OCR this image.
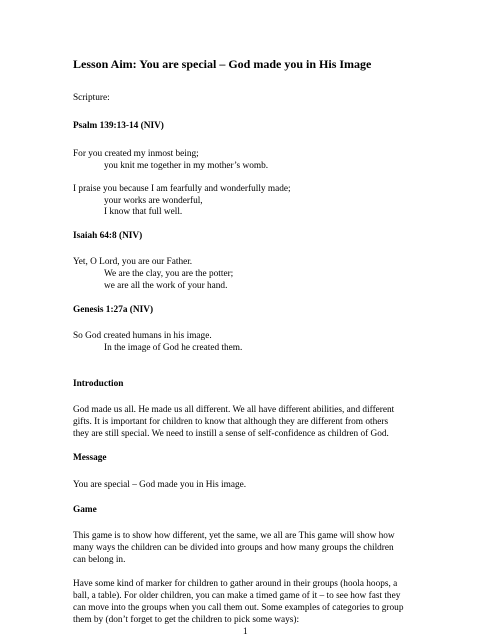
Lesson Aim: You are special – God made you in His Image

Scripture:

Psalm 139:13-14 (NIV)

For you created my inmost being;

you knit me together in my mother’s womb.

I praise you because I am fearfully and wonderfully made;

your works are wonderful,

I know that full well.

Isaiah 64:8 (NIV)

Yet, O Lord, you are our Father.

We are the clay, you are the potter;

we are all the work of your hand.

Genesis 1:27a (NIV)

So God created humans in his image.

In the image of God he created them.

Introduction

God made us all. He made us all different. We all have different abilities, and different

gifts. It is important for children to know that although they are different from others

they are still special. We need to instill a sense of self-confidence as children of God.

Message

You are special – God made you in His image.

Game

This game is to show how different, yet the same, we all are This game will show how

many ways the children can be divided into groups and how many groups the children

can belong in.

Have some kind of marker for children to gather around in their groups (hoola hoops, a

ball, a table). For older children, you can make a timed game of it – to see how fast they

can move into the groups when you call them out. Some examples of categories to group

them by (don’t forget to get the children to pick some ways):

1
